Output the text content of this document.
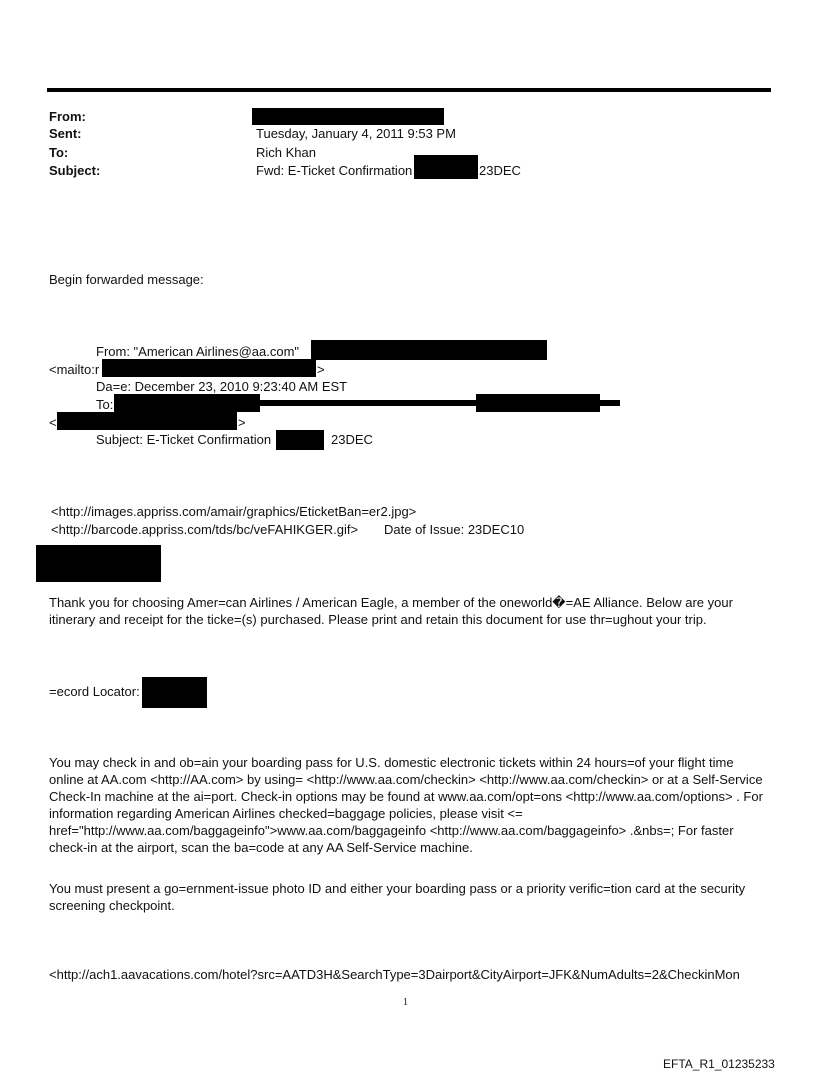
From:
Sent:	Tuesday, January 4, 2011 9:53 PM
To:	Rich Khan
Subject:	Fwd: E-Ticket Confirmation	23DEC
Begin forwarded message:
From: "American Airlines@aa.com"
<mailto:r	>
Da=e: December 23, 2010 9:23:40 AM EST
To:
<	>
Subject: E-Ticket Confirmation	23DEC
<http://images.appriss.com/amair/graphics/EticketBan=er2.jpg>
<http://barcode.appriss.com/tds/bc/veFAHIKGER.gif> Date of Issue: 23DEC10
Thank you for choosing Amer=can Airlines / American Eagle, a member of the oneworld�=AE Alliance. Below are your itinerary and receipt for the ticke=(s) purchased. Please print and retain this document for use thr=ughout your trip.
=ecord Locator:
You may check in and ob=ain your boarding pass for U.S. domestic electronic tickets within 24 hours=of your flight time online at AA.com <http://AA.com> by using= <http://www.aa.com/checkin> <http://www.aa.com/checkin> or at a Self-Service Check-In machine at the ai=port. Check-in options may be found at www.aa.com/opt=ons <http://www.aa.com/options> . For information regarding American Airlines checked=baggage policies, please visit <= href="http://www.aa.com/baggageinfo">www.aa.com/baggageinfo <http://www.aa.com/baggageinfo> .&nbs=; For faster check-in at the airport, scan the ba=code at any AA Self-Service machine.
You must present a go=ernment-issue photo ID and either your boarding pass or a priority verific=tion card at the security screening checkpoint.
<http://ach1.aavacations.com/hotel?src=AATD3H&SearchType=3Dairport&CityAirport=JFK&NumAdults=2&CheckinMon
1
EFTA_R1_01235233
